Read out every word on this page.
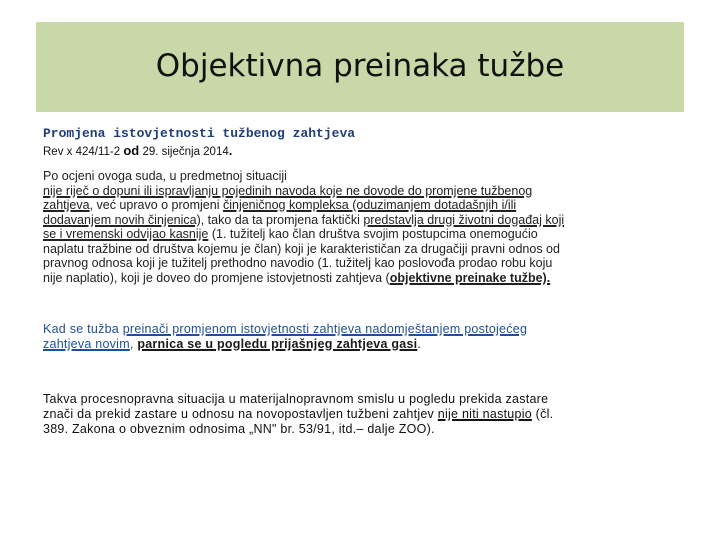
Objektivna preinaka tužbe
Promjena istovjetnosti tužbenog zahtjeva
Rev x 424/11-2 od 29. siječnja 2014.
Po ocjeni ovoga suda, u predmetnoj situaciji
nije riječ o dopuni ili ispravljanju pojedinih navoda koje ne dovode do promjene tužbenog
zahtjeva, već upravo o promjeni činjeničnog kompleksa (oduzimanjem dotadašnjih i/ili
dodavanjem novih činjenica), tako da ta promjena faktički predstavlja drugi životni događaj koji
se i vremenski odvijao kasnije (1. tužitelj kao član društva svojim postupcima onemogućio
naplatu tražbine od društva kojemu je član) koji je karakterističan za drugačiji pravni odnos od
pravnog odnosa koji je tužitelj prethodno navodio (1. tužitelj kao poslovođa prodao robu koju
nije naplatio), koji je doveo do promjene istovjetnosti zahtjeva (objektivne preinake tužbe).
Kad se tužba preinači promjenom istovjetnosti zahtjeva nadomještanjem postojećeg
zahtjeva novim, parnica se u pogledu prijašnjeg zahtjeva gasi.
Takva procesnopravna situacija u materijalnopravnom smislu u pogledu prekida zastare
znači da prekid zastare u odnosu na novopostavljen tužbeni zahtjev nije niti nastupio (čl.
389. Zakona o obveznim odnosima „NN" br. 53/91, itd.– dalje ZOO).
